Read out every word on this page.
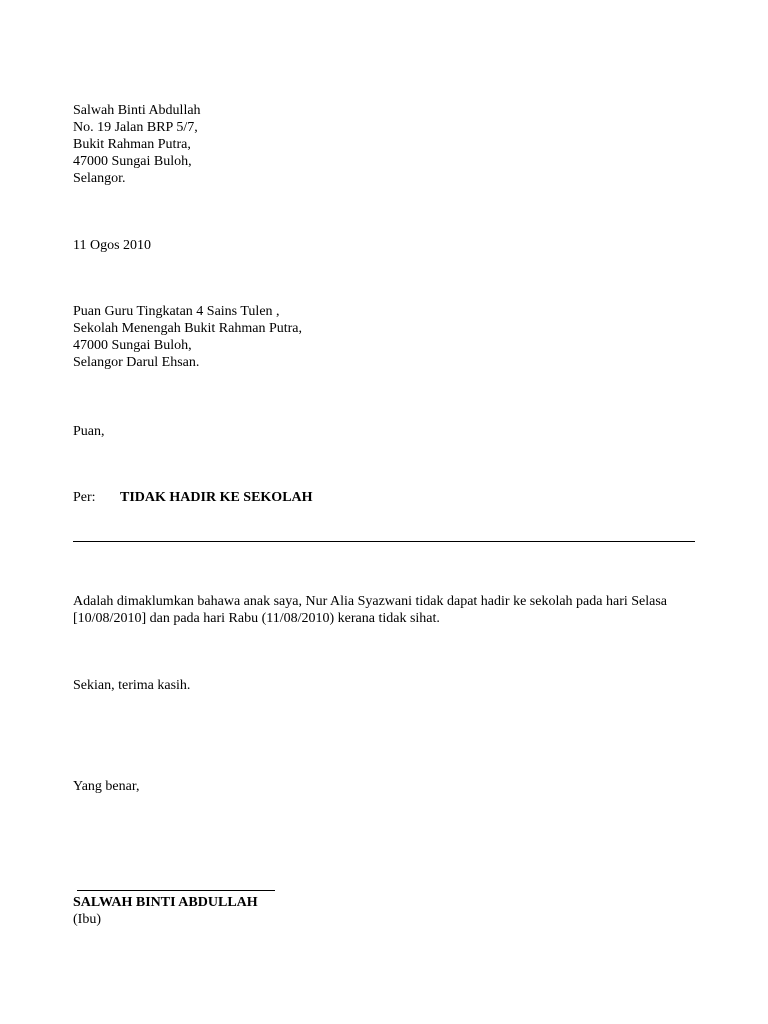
Salwah Binti Abdullah
No. 19 Jalan BRP 5/7,
Bukit Rahman Putra,
47000 Sungai Buloh,
Selangor.
11 Ogos 2010
Puan Guru Tingkatan 4 Sains Tulen ,
Sekolah Menengah Bukit Rahman Putra,
47000 Sungai Buloh,
Selangor Darul Ehsan.
Puan,
Per: TIDAK HADIR KE SEKOLAH
Adalah dimaklumkan bahawa anak saya, Nur Alia Syazwani tidak dapat hadir ke sekolah pada hari Selasa [10/08/2010] dan pada hari Rabu (11/08/2010) kerana tidak sihat.
Sekian, terima kasih.
Yang benar,
SALWAH BINTI ABDULLAH
(Ibu)
